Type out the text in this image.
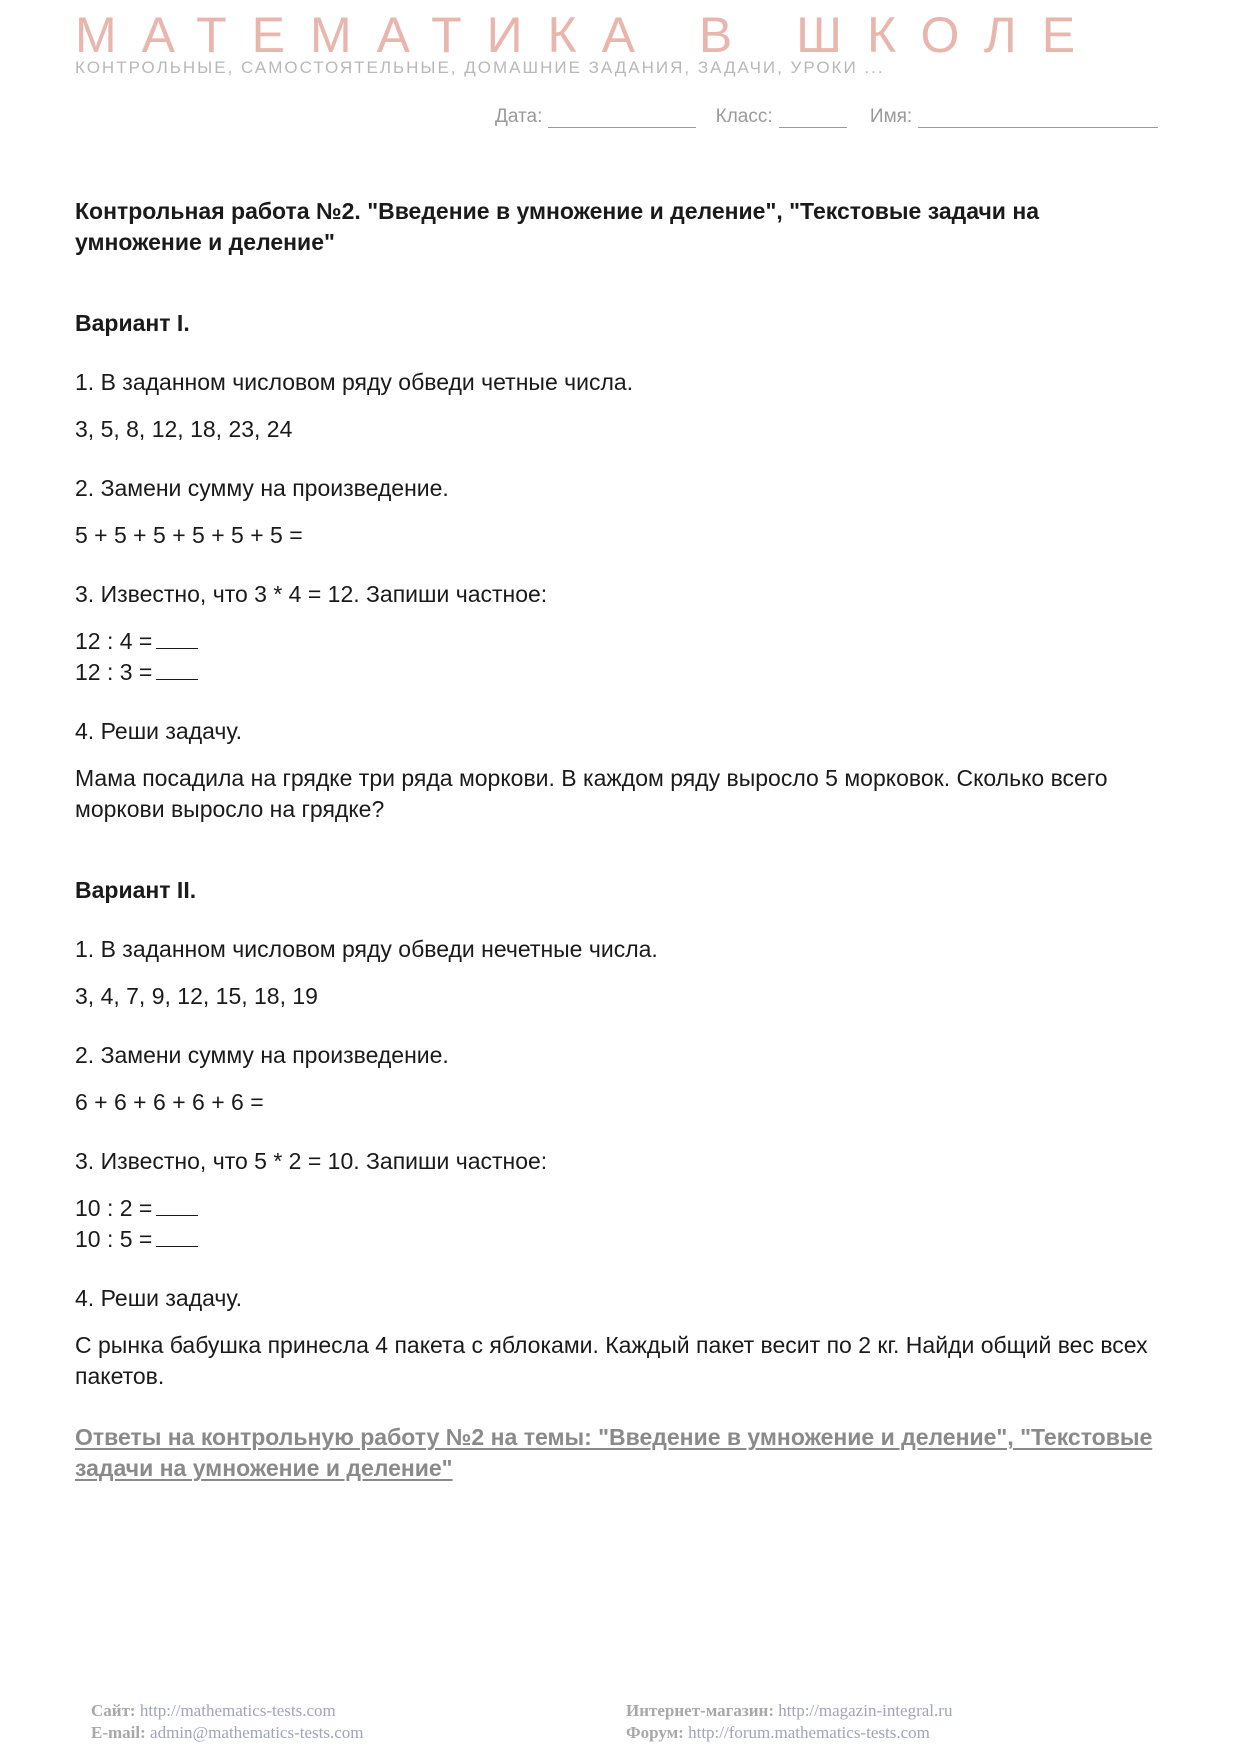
МАТЕМАТИКА В ШКОЛЕ
КОНТРОЛЬНЫЕ, САМОСТОЯТЕЛЬНЫЕ, ДОМАШНИЕ ЗАДАНИЯ, ЗАДАЧИ, УРОКИ ...
Дата:	Класс:	Имя:
Контрольная работа №2. "Введение в умножение и деление", "Текстовые задачи на умножение и деление"
Вариант I.
1. В заданном числовом ряду обведи четные числа.
3, 5, 8, 12, 18, 23, 24
2. Замени сумму на произведение.
5 + 5 + 5 + 5 + 5 + 5 =
3. Известно, что 3 * 4 = 12. Запиши частное:
12 : 4 =
12 : 3 =
4. Реши задачу.
Мама посадила на грядке три ряда моркови. В каждом ряду выросло 5 морковок. Сколько всего моркови выросло на грядке?
Вариант II.
1. В заданном числовом ряду обведи нечетные числа.
3, 4, 7, 9, 12, 15, 18, 19
2. Замени сумму на произведение.
6 + 6 + 6 + 6 + 6 =
3. Известно, что 5 * 2 = 10. Запиши частное:
10 : 2 =
10 : 5 =
4. Реши задачу.
С рынка бабушка принесла 4 пакета с яблоками. Каждый пакет весит по 2 кг. Найди общий вес всех пакетов.
Ответы на контрольную работу №2 на темы: "Введение в умножение и деление", "Текстовые задачи на умножение и деление"
Сайт: http://mathematics-tests.com
E-mail: admin@mathematics-tests.com
Интернет-магазин: http://magazin-integral.ru
Форум: http://forum.mathematics-tests.com
